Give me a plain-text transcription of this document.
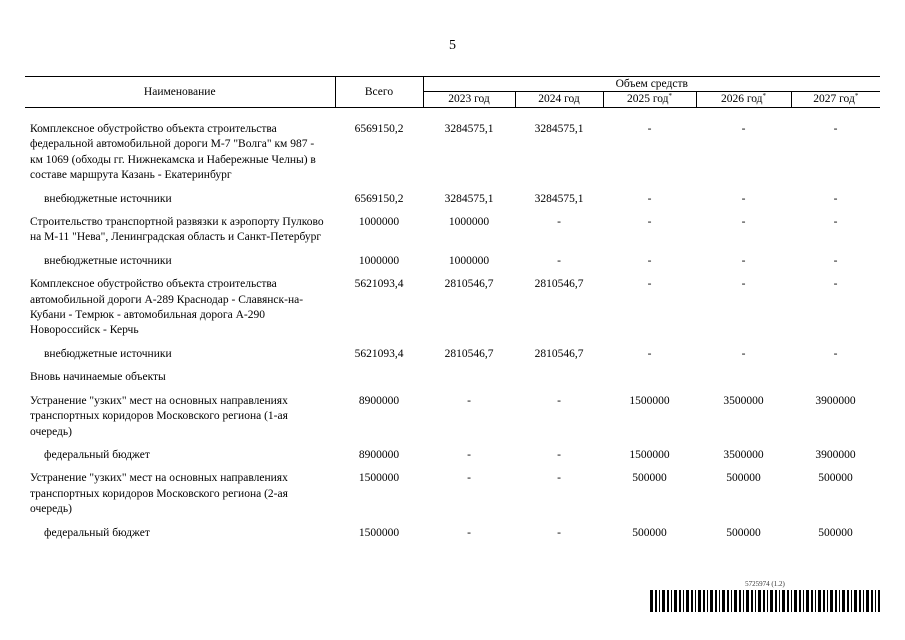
5
Наименование	Всего	Объем средств				
		2023 год	2024 год	2025 год*	2026 год*	2027 год*

Комплексное обустройство объекта строительства федеральной автомобильной дороги М-7 "Волга" км 987 - км 1069 (обходы гг. Нижнекамска и Набережные Челны) в составе маршрута Казань - Екатеринбург	6569150,2	3284575,1	3284575,1	-	-	-
внебюджетные источники	6569150,2	3284575,1	3284575,1	-	-	-
Строительство транспортной развязки к аэропорту Пулково на М-11 "Нева", Ленинградская область и Санкт-Петербург	1000000	1000000	-	-	-	-
внебюджетные источники	1000000	1000000	-	-	-	-
Комплексное обустройство объекта строительства автомобильной дороги А-289 Краснодар - Славянск-на-Кубани - Темрюк - автомобильная дорога А-290 Новороссийск - Керчь	5621093,4	2810546,7	2810546,7	-	-	-
внебюджетные источники	5621093,4	2810546,7	2810546,7	-	-	-
Вновь начинаемые объекты						
Устранение "узких" мест на основных направлениях транспортных коридоров Московского региона (1-ая очередь)	8900000	-	-	1500000	3500000	3900000
федеральный бюджет	8900000	-	-	1500000	3500000	3900000
Устранение "узких" мест на основных направлениях транспортных коридоров Московского региона (2-ая очередь)	1500000	-	-	500000	500000	500000
федеральный бюджет	1500000	-	-	500000	500000	500000
5725974 (1.2)
